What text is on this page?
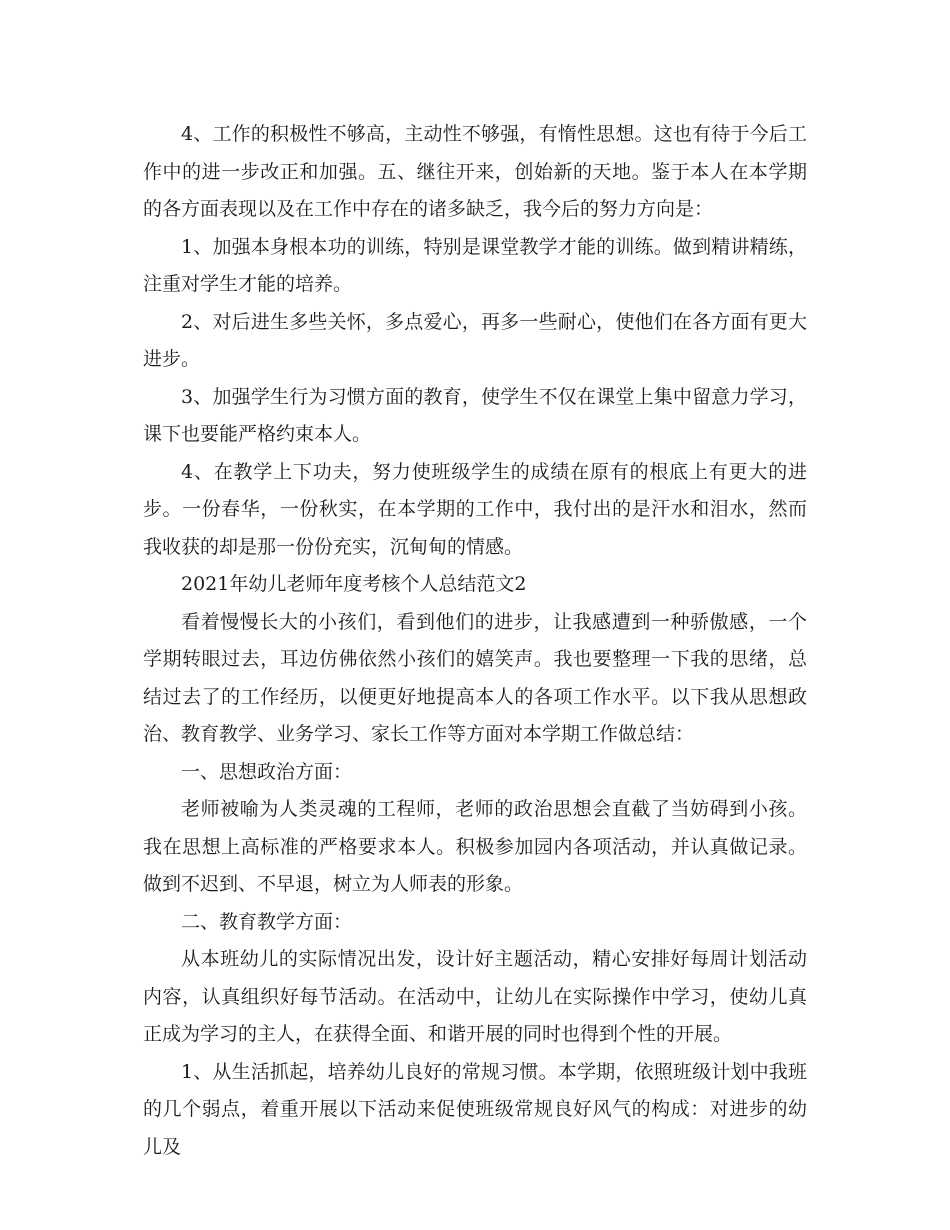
4、工作的积极性不够高，主动性不够强，有惰性思想。这也有待于今后工作中的进一步改正和加强。五、继往开来，创始新的天地。鉴于本人在本学期的各方面表现以及在工作中存在的诸多缺乏，我今后的努力方向是：

1、加强本身根本功的训练，特别是课堂教学才能的训练。做到精讲精练，注重对学生才能的培养。

2、对后进生多些关怀，多点爱心，再多一些耐心，使他们在各方面有更大进步。

3、加强学生行为习惯方面的教育，使学生不仅在课堂上集中留意力学习，课下也要能严格约束本人。

4、在教学上下功夫，努力使班级学生的成绩在原有的根底上有更大的进步。一份春华，一份秋实，在本学期的工作中，我付出的是汗水和泪水，然而我收获的却是那一份份充实，沉甸甸的情感。

2021年幼儿老师年度考核个人总结范文2

看着慢慢长大的小孩们，看到他们的进步，让我感遭到一种骄傲感，一个学期转眼过去，耳边仿佛依然小孩们的嬉笑声。我也要整理一下我的思绪，总结过去了的工作经历，以便更好地提高本人的各项工作水平。以下我从思想政治、教育教学、业务学习、家长工作等方面对本学期工作做总结：

一、思想政治方面：

老师被喻为人类灵魂的工程师，老师的政治思想会直截了当妨碍到小孩。我在思想上高标准的严格要求本人。积极参加园内各项活动，并认真做记录。做到不迟到、不早退，树立为人师表的形象。

二、教育教学方面：

从本班幼儿的实际情况出发，设计好主题活动，精心安排好每周计划活动内容，认真组织好每节活动。在活动中，让幼儿在实际操作中学习，使幼儿真正成为学习的主人，在获得全面、和谐开展的同时也得到个性的开展。

1、从生活抓起，培养幼儿良好的常规习惯。本学期，依照班级计划中我班的几个弱点，着重开展以下活动来促使班级常规良好风气的构成：对进步的幼儿及
